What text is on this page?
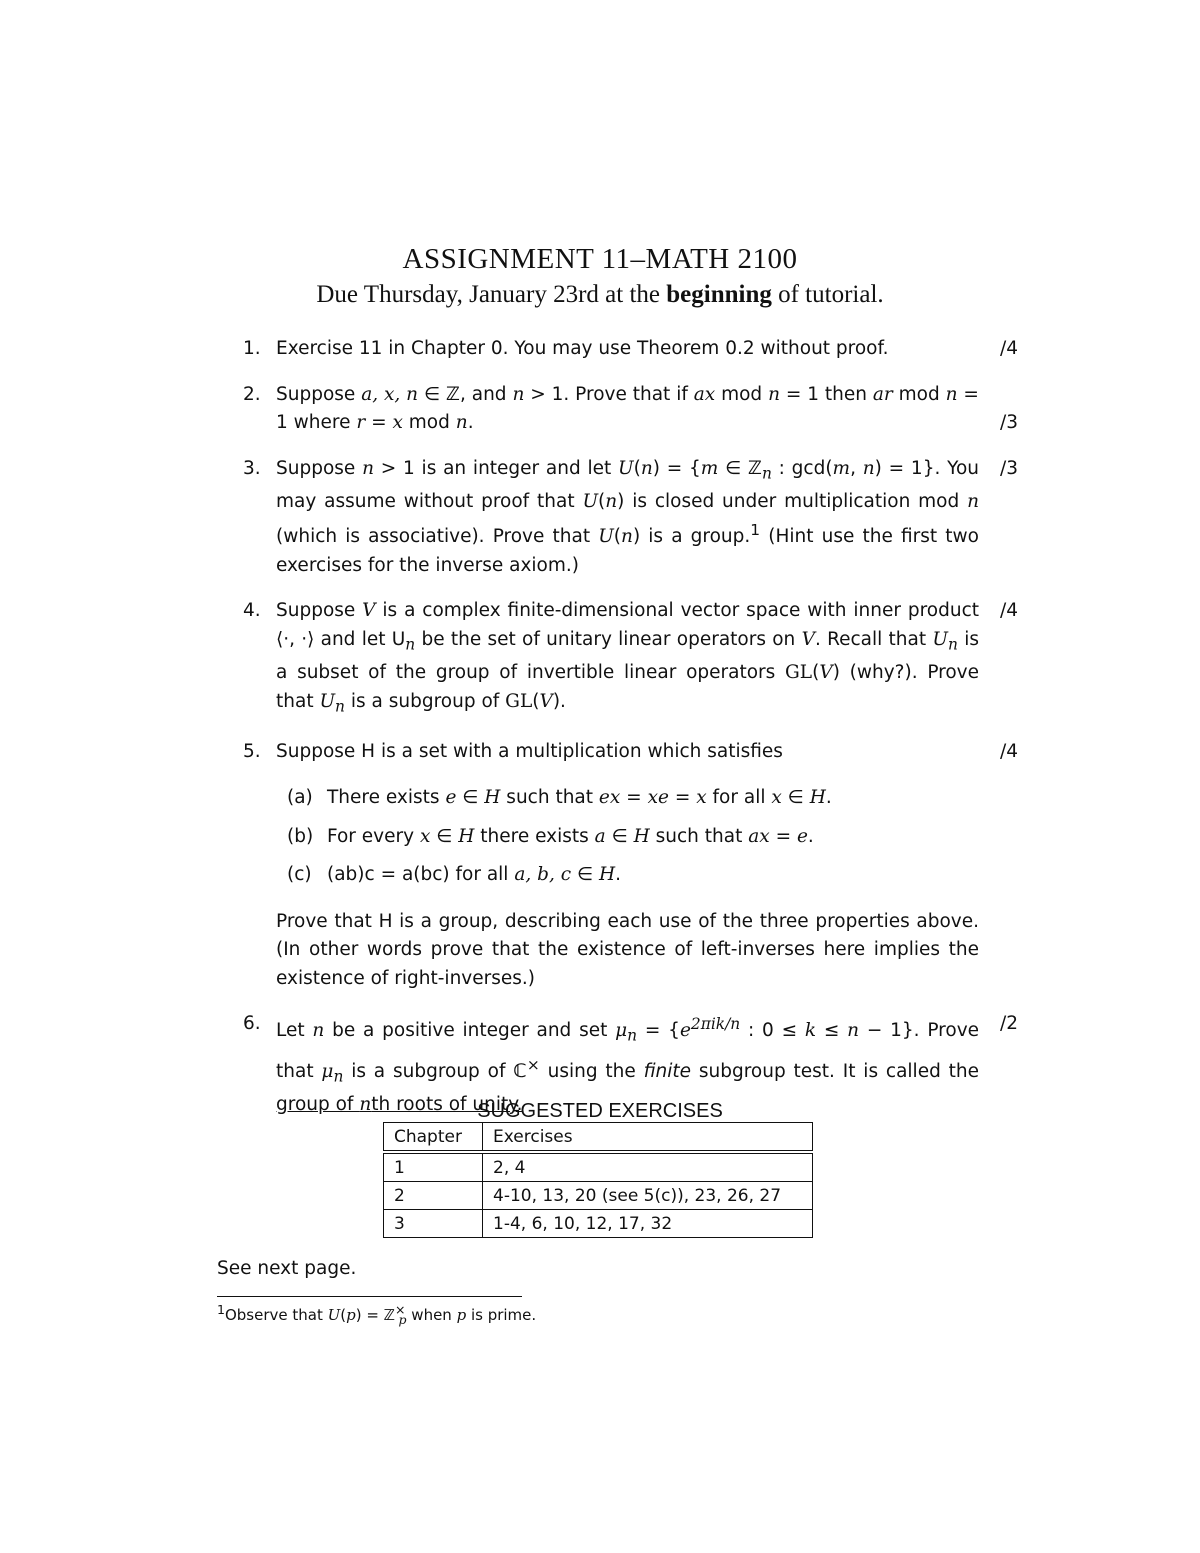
ASSIGNMENT 11–MATH 2100
Due Thursday, January 23rd at the beginning of tutorial.
1.	/4
Exercise 11 in Chapter 0. You may use Theorem 0.2 without proof.
2.
/3
Suppose a, x, n ∈ ℤ, and n > 1. Prove that if ax mod n = 1 then ar mod n = 1 where r = x mod n.
3.	/3
Suppose n > 1 is an integer and let U(n) = {m ∈ ℤ$_n$ : gcd(m, n) = 1}. You may assume without proof that U(n) is closed under multiplication mod n (which is associative). Prove that U(n) is a group.$^1$ (Hint use the first two exercises for the inverse axiom.)
4.	/4
Suppose V is a complex finite-dimensional vector space with inner product ⟨·, ·⟩ and let $U_n$ be the set of unitary linear operators on V. Recall that $U_n$ is a subset of the group of invertible linear operators GL(V) (why?). Prove that $U_n$ is a subgroup of GL(V).
5.	/4
Suppose H is a set with a multiplication which satisfies
(a) There exists e ∈ H such that ex = xe = x for all x ∈ H.
(b) For every x ∈ H there exists a ∈ H such that ax = e.
(c) (ab)c = a(bc) for all a, b, c ∈ H.
Prove that H is a group, describing each use of the three properties above. (In other words prove that the existence of left-inverses here implies the existence of right-inverses.)
6.	/2
Let n be a positive integer and set $\mu_n = \{e^{2\pi ik/n}$ : 0 ≤ k ≤ n − 1}. Prove that $\mu_n$ is a subgroup of ℂ× using the finite subgroup test. It is called the group of nth roots of unity.
SUGGESTED EXERCISES
Chapter	Exercises
1	2, 4
2	4-10, 13, 20 (see 5(c)), 23, 26, 27
3	1-4, 6, 10, 12, 17, 32
See next page.
$^1$Observe that U(p) = ℤ×$_p$ when p is prime.
